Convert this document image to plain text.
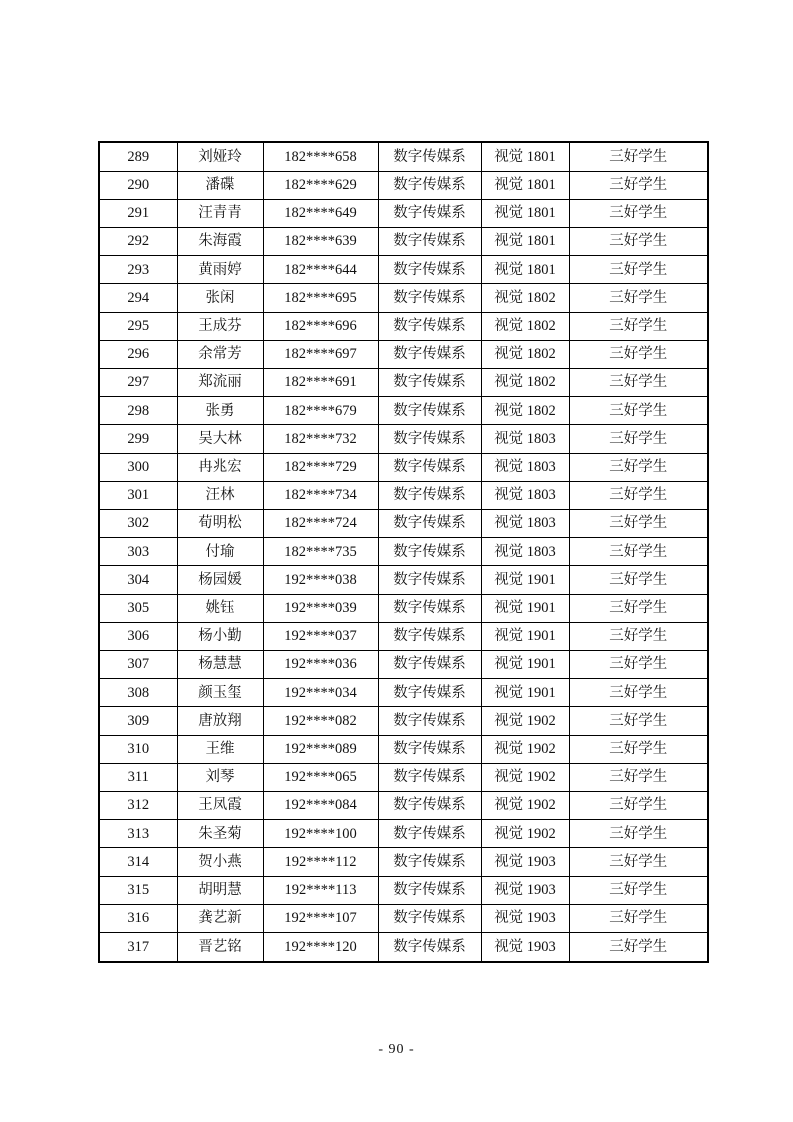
289	刘娅玲	182****658	数字传媒系	视觉 1801	三好学生
290	潘碟	182****629	数字传媒系	视觉 1801	三好学生
291	汪青青	182****649	数字传媒系	视觉 1801	三好学生
292	朱海霞	182****639	数字传媒系	视觉 1801	三好学生
293	黄雨婷	182****644	数字传媒系	视觉 1801	三好学生
294	张闲	182****695	数字传媒系	视觉 1802	三好学生
295	王成芬	182****696	数字传媒系	视觉 1802	三好学生
296	余常芳	182****697	数字传媒系	视觉 1802	三好学生
297	郑流丽	182****691	数字传媒系	视觉 1802	三好学生
298	张勇	182****679	数字传媒系	视觉 1802	三好学生
299	吴大林	182****732	数字传媒系	视觉 1803	三好学生
300	冉兆宏	182****729	数字传媒系	视觉 1803	三好学生
301	汪林	182****734	数字传媒系	视觉 1803	三好学生
302	荀明松	182****724	数字传媒系	视觉 1803	三好学生
303	付瑜	182****735	数字传媒系	视觉 1803	三好学生
304	杨园媛	192****038	数字传媒系	视觉 1901	三好学生
305	姚钰	192****039	数字传媒系	视觉 1901	三好学生
306	杨小勤	192****037	数字传媒系	视觉 1901	三好学生
307	杨慧慧	192****036	数字传媒系	视觉 1901	三好学生
308	颜玉玺	192****034	数字传媒系	视觉 1901	三好学生
309	唐放翔	192****082	数字传媒系	视觉 1902	三好学生
310	王维	192****089	数字传媒系	视觉 1902	三好学生
311	刘琴	192****065	数字传媒系	视觉 1902	三好学生
312	王凤霞	192****084	数字传媒系	视觉 1902	三好学生
313	朱圣菊	192****100	数字传媒系	视觉 1902	三好学生
314	贺小燕	192****112	数字传媒系	视觉 1903	三好学生
315	胡明慧	192****113	数字传媒系	视觉 1903	三好学生
316	龚艺新	192****107	数字传媒系	视觉 1903	三好学生
317	晋艺铭	192****120	数字传媒系	视觉 1903	三好学生
- 90 -
